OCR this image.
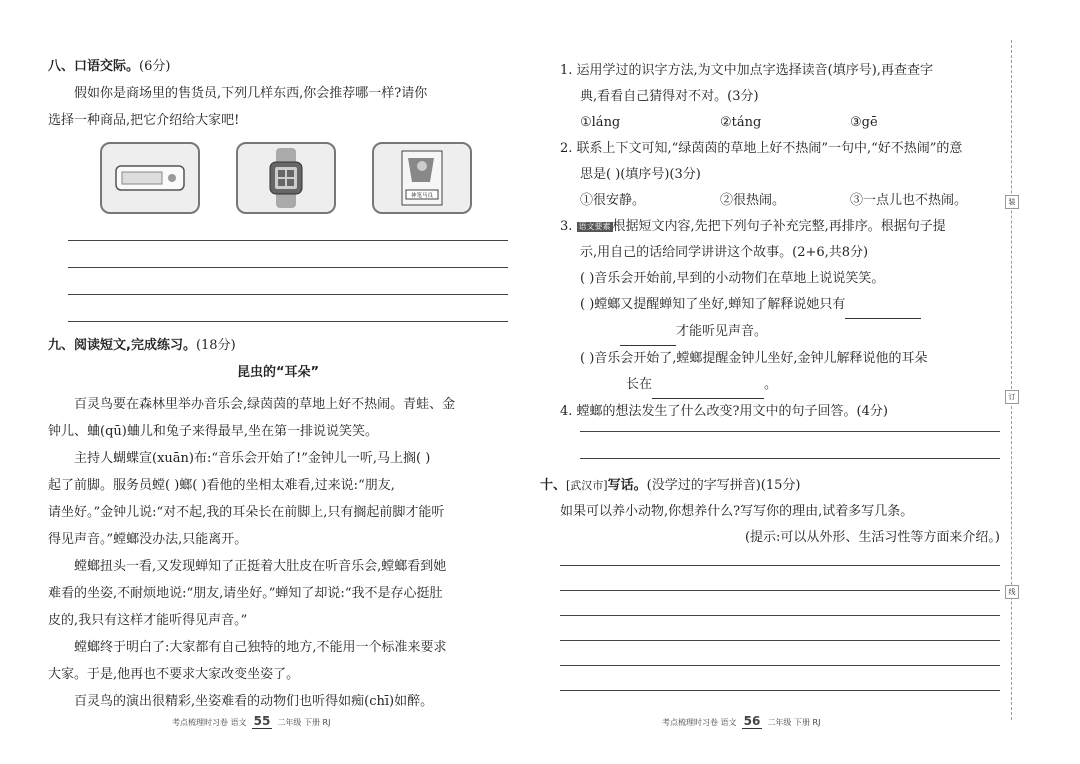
装
订
线
八、口语交际。(6分)

假如你是商场里的售货员,下列几样东西,你会推荐哪一样?请你

选择一种商品,把它介绍给大家吧!

神笔马良
九、阅读短文,完成练习。(18分)
昆虫的“耳朵”
百灵鸟要在森林里举办音乐会,绿茵茵的草地上好不热闹。青蛙、金
钟儿、蛐(qū)蛐儿和兔子来得最早,坐在第一排说说笑笑。
主持人蝴蝶宣(xuān)布:“音乐会开始了!”金钟儿一听,马上搁( )
起了前脚。服务员螳( )螂( )看他的坐相太难看,过来说:“朋友,
请坐好。”金钟儿说:“对不起,我的耳朵长在前脚上,只有搁起前脚才能听
得见声音。”螳螂没办法,只能离开。
螳螂扭头一看,又发现蝉知了正挺着大肚皮在听音乐会,螳螂看到她
难看的坐姿,不耐烦地说:“朋友,请坐好。”蝉知了却说:“我不是存心挺肚
皮的,我只有这样才能听得见声音。”
螳螂终于明白了:大家都有自己独特的地方,不能用一个标准来要求
大家。于是,他再也不要求大家改变坐姿了。
百灵鸟的演出很精彩,坐姿难看的动物们也听得如痴(chī)如醉。
考点梳理时习卷 语文 55 二年级 下册 RJ
1. 运用学过的识字方法,为文中加点字选择读音(填序号),再查查字
典,看看自己猜得对不对。(3分)
①láng	②táng	③gē
2. 联系上下文可知,“绿茵茵的草地上好不热闹”一句中,“好不热闹”的意
思是( )(填序号)(3分)
①很安静。	②很热闹。	③一点儿也不热闹。
3. 语文要素 根据短文内容,先把下列句子补充完整,再排序。根据句子提
示,用自己的话给同学讲讲这个故事。(2+6,共8分)
( )音乐会开始前,早到的小动物们在草地上说说笑笑。
( )螳螂又提醒蝉知了坐好,蝉知了解释说她只有
才能听见声音。
( )音乐会开始了,螳螂提醒金钟儿坐好,金钟儿解释说他的耳朵
长在	。
4. 螳螂的想法发生了什么改变?用文中的句子回答。(4分)
十、[武汉市]写话。(没学过的字写拼音)(15分)
如果可以养小动物,你想养什么?写写你的理由,试着多写几条。
(提示:可以从外形、生活习性等方面来介绍。)
考点梳理时习卷 语文 56 二年级 下册 RJ
